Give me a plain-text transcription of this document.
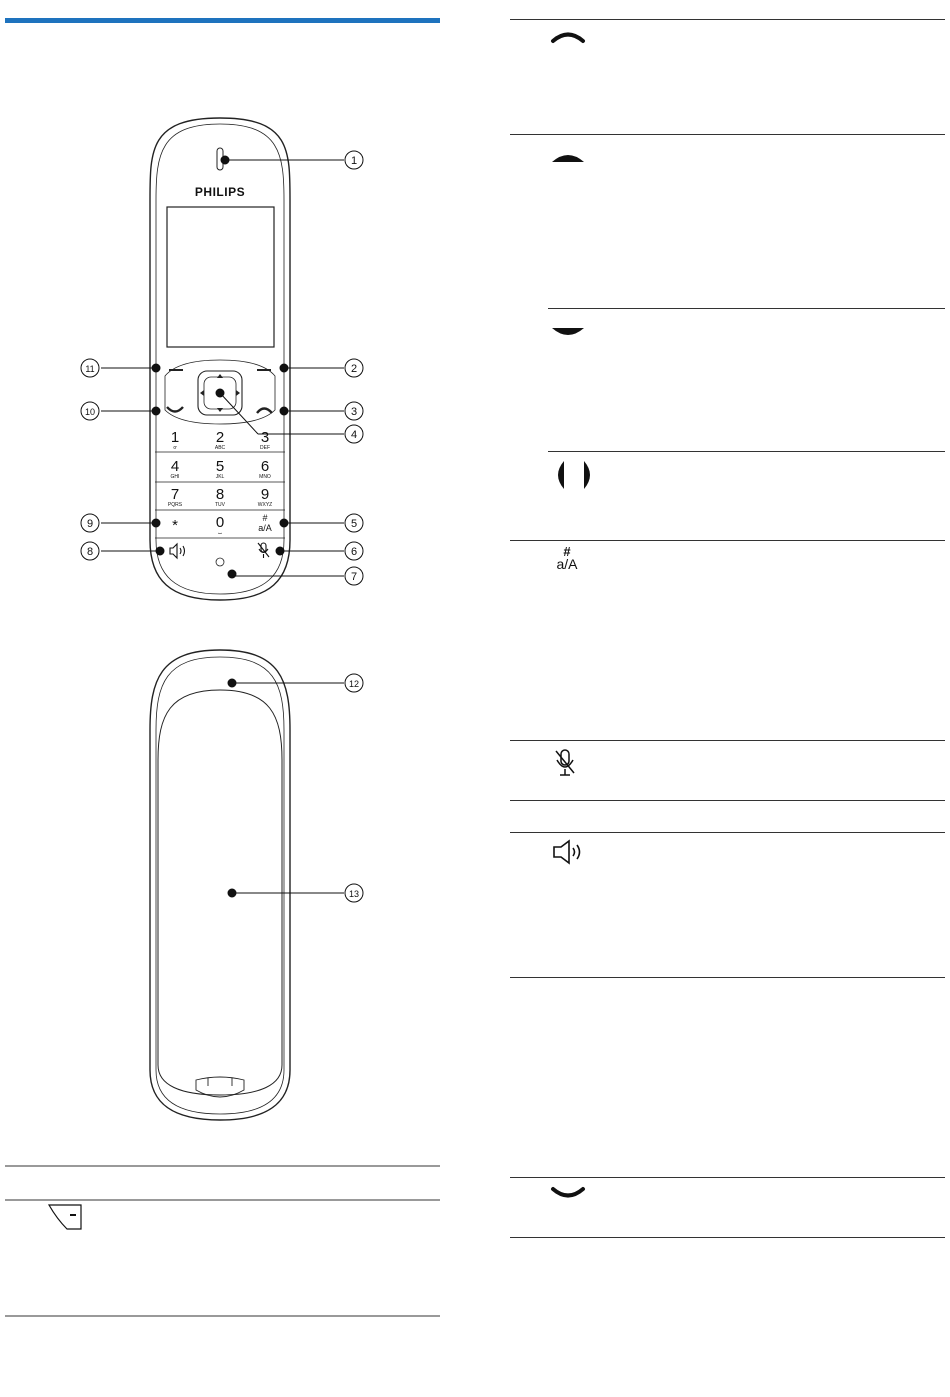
1
2
3
4
5
6
7
8
9
10
11
12
13
PHILIPS
1
ơ
2
ABC
3
DEF
4
GHI
5
JKL
6
MNO
7
PQRS
8
TUV
9
WXYZ
*	0
⌴
#
a/A
#
a/A
